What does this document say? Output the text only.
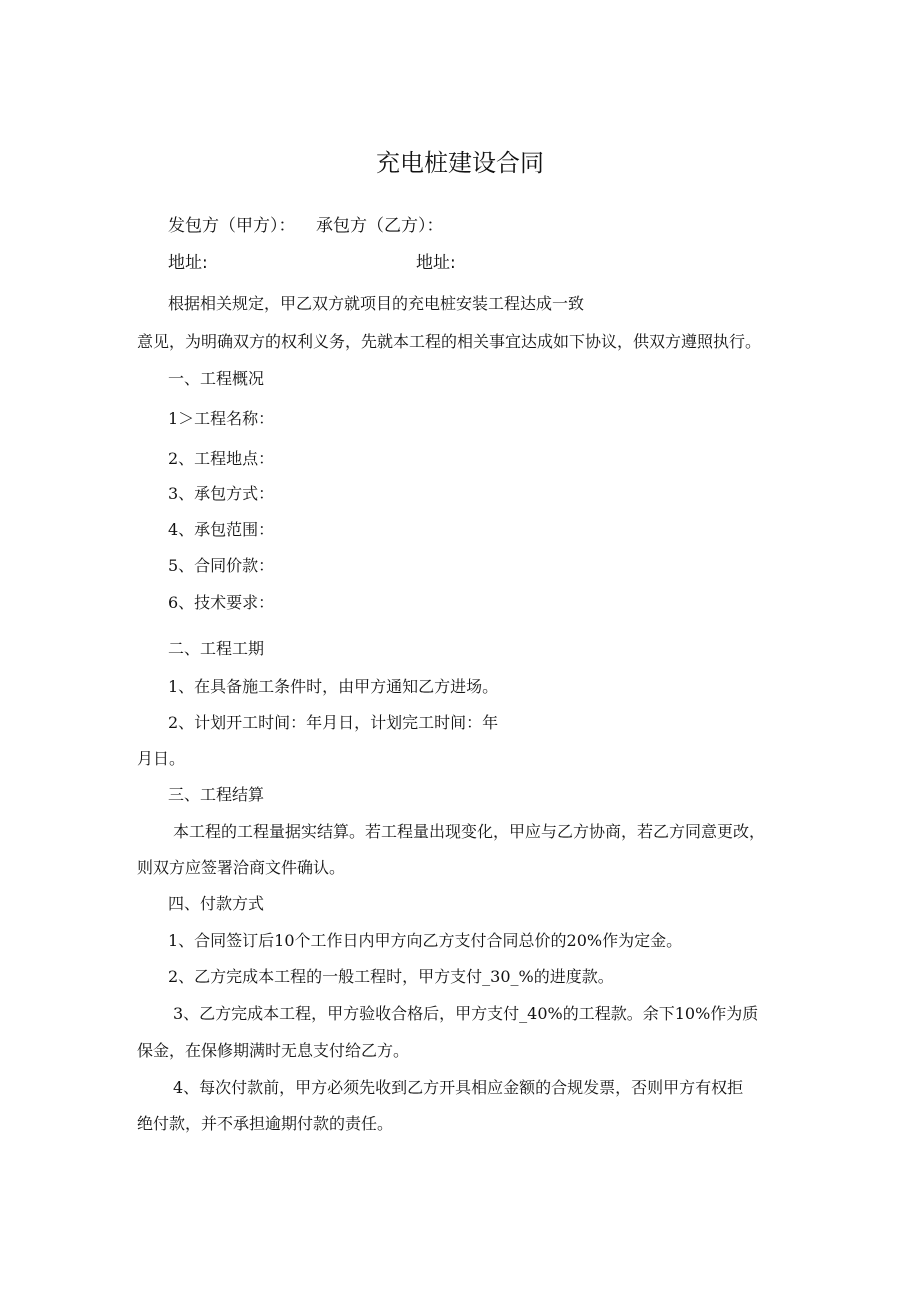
充电桩建设合同
发包方（甲方）： 承包方（乙方）：
地址:	地址:
根据相关规定，甲乙双方就项目的充电桩安装工程达成一致
意见，为明确双方的权利义务，先就本工程的相关事宜达成如下协议，供双方遵照执行。
一、工程概况
1＞工程名称：
2、工程地点：
3、承包方式：
4、承包范围：
5、合同价款：
6、技术要求：
二、工程工期
1、在具备施工条件时，由甲方通知乙方进场。
2、计划开工时间：年月日，计划完工时间：年
月日。
三、工程结算
本工程的工程量据实结算。若工程量出现变化，甲应与乙方协商，若乙方同意更改，
则双方应签署洽商文件确认。
四、付款方式
1、合同签订后10个工作日内甲方向乙方支付合同总价的20%作为定金。
2、乙方完成本工程的一般工程时，甲方支付_30_%的进度款。
3、乙方完成本工程，甲方验收合格后，甲方支付_40%的工程款。余下10%作为质
保金，在保修期满时无息支付给乙方。
4、每次付款前，甲方必须先收到乙方开具相应金额的合规发票，否则甲方有权拒
绝付款，并不承担逾期付款的责任。
